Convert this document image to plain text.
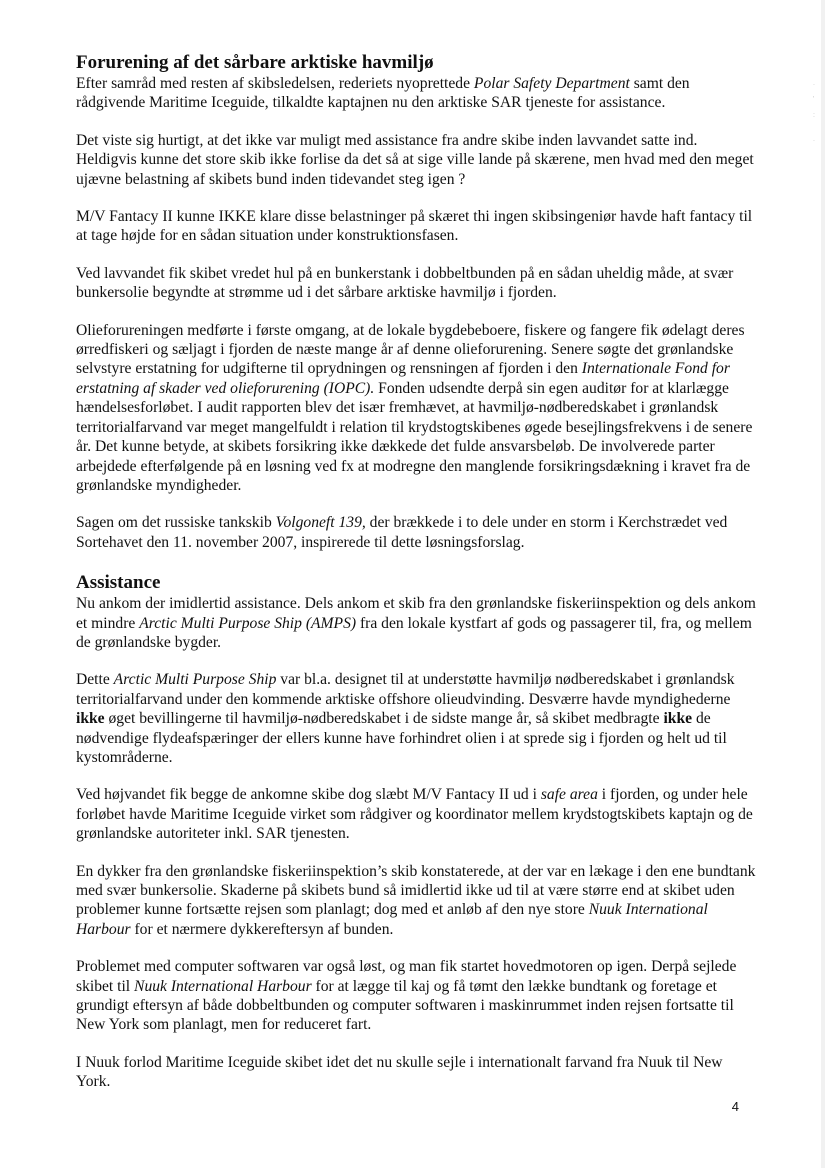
.

'

:

.
Forurening af det sårbare arktiske havmiljø

Efter samråd med resten af skibsledelsen, rederiets nyoprettede Polar Safety Department samt den rådgivende Maritime Iceguide, tilkaldte kaptajnen nu den arktiske SAR tjeneste for assistance.

Det viste sig hurtigt, at det ikke var muligt med assistance fra andre skibe inden lavvandet satte ind. Heldigvis kunne det store skib ikke forlise da det så at sige ville lande på skærene, men hvad med den meget ujævne belastning af skibets bund inden tidevandet steg igen ?

M/V Fantacy II kunne IKKE klare disse belastninger på skæret thi ingen skibsingeniør havde haft fantacy til at tage højde for en sådan situation under konstruktionsfasen.

Ved lavvandet fik skibet vredet hul på en bunkerstank i dobbeltbunden på en sådan uheldig måde, at svær bunkersolie begyndte at strømme ud i det sårbare arktiske havmiljø i fjorden.

Olieforureningen medførte i første omgang, at de lokale bygdebeboere, fiskere og fangere fik ødelagt deres ørredfiskeri og sæljagt i fjorden de næste mange år af denne olieforurening. Senere søgte det grønlandske selvstyre erstatning for udgifterne til oprydningen og rensningen af fjorden i den Internationale Fond for erstatning af skader ved olieforurening (IOPC). Fonden udsendte derpå sin egen auditør for at klarlægge hændelsesforløbet. I audit rapporten blev det især fremhævet, at havmiljø-nødberedskabet i grønlandsk territorialfarvand var meget mangelfuldt i relation til krydstogtskibenes øgede besejlingsfrekvens i de senere år. Det kunne betyde, at skibets forsikring ikke dækkede det fulde ansvarsbeløb. De involverede parter arbejdede efterfølgende på en løsning ved fx at modregne den manglende forsikringsdækning i kravet fra de grønlandske myndigheder.

Sagen om det russiske tankskib Volgoneft 139, der brækkede i to dele under en storm i Kerchstrædet ved Sortehavet den 11. november 2007, inspirerede til dette løsningsforslag.

Assistance

Nu ankom der imidlertid assistance. Dels ankom et skib fra den grønlandske fiskeriinspektion og dels ankom et mindre Arctic Multi Purpose Ship (AMPS) fra den lokale kystfart af gods og passagerer til, fra, og mellem de grønlandske bygder.

Dette Arctic Multi Purpose Ship var bl.a. designet til at understøtte havmiljø nødberedskabet i grønlandsk territorialfarvand under den kommende arktiske offshore olieudvinding. Desværre havde myndighederne ikke øget bevillingerne til havmiljø-nødberedskabet i de sidste mange år, så skibet medbragte ikke de nødvendige flydeafspæringer der ellers kunne have forhindret olien i at sprede sig i fjorden og helt ud til kystområderne.

Ved højvandet fik begge de ankomne skibe dog slæbt M/V Fantacy II ud i safe area i fjorden, og under hele forløbet havde Maritime Iceguide virket som rådgiver og koordinator mellem krydstogtskibets kaptajn og de grønlandske autoriteter inkl. SAR tjenesten.

En dykker fra den grønlandske fiskeriinspektion’s skib konstaterede, at der var en lækage i den ene bundtank med svær bunkersolie. Skaderne på skibets bund så imidlertid ikke ud til at være større end at skibet uden problemer kunne fortsætte rejsen som planlagt; dog med et anløb af den nye store Nuuk International Harbour for et nærmere dykkereftersyn af bunden.

Problemet med computer softwaren var også løst, og man fik startet hovedmotoren op igen. Derpå sejlede skibet til Nuuk International Harbour for at lægge til kaj og få tømt den lække bundtank og foretage et grundigt eftersyn af både dobbeltbunden og computer softwaren i maskinrummet inden rejsen fortsatte til New York som planlagt, men for reduceret fart.

I Nuuk forlod Maritime Iceguide skibet idet det nu skulle sejle i internationalt farvand fra Nuuk til New York.

4
